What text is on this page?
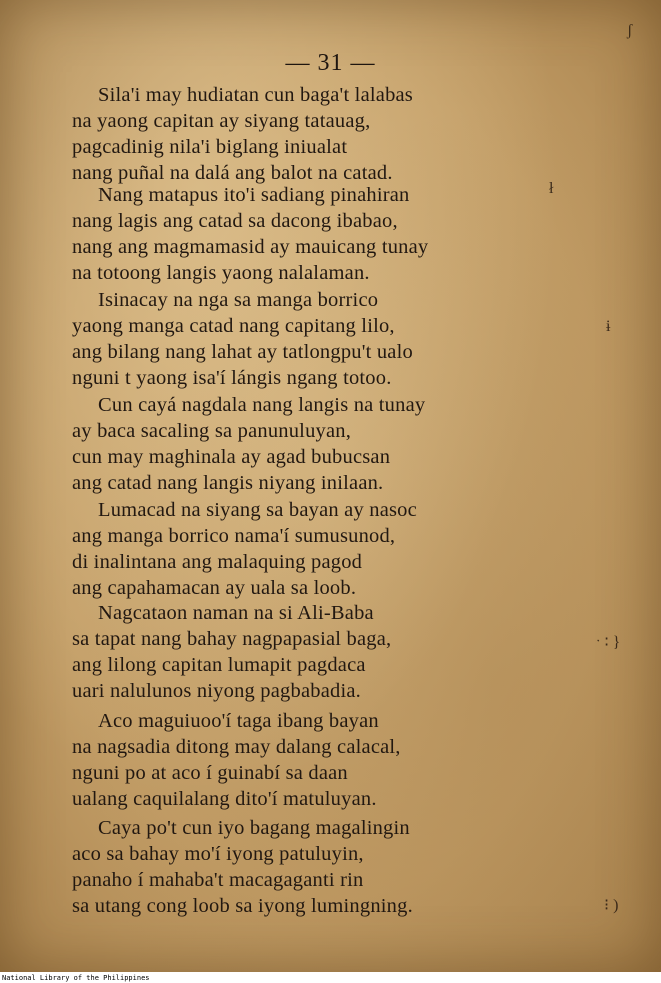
— 31 —
Sila'i may hudiatan cun baga't lalabas
na yaong capitan ay siyang tatauag,
pagcadinig nila'i biglang iniualat
nang puñal na dalá ang balot na catad.
Nang matapus ito'i sadiang pinahiran
nang lagis ang catad sa dacong ibabao,
nang ang magmamasid ay mauicang tunay
na totoong langis yaong nalalaman.
Isinacay na nga sa manga borrico
yaong manga catad nang capitang lilo,
ang bilang nang lahat ay tatlongpu't ualo
nguni t yaong isa'í lángis ngang totoo.
Cun cayá nagdala nang langis na tunay
ay baca sacaling sa panunuluyan,
cun may maghinala ay agad bubucsan
ang catad nang langis niyang inilaan.
Lumacad na siyang sa bayan ay nasoc
ang manga borrico nama'í sumusunod,
di inalintana ang malaquing pagod
ang capahamacan ay uala sa loob.
Nagcataon naman na si Ali-Baba
sa tapat nang bahay nagpapasial baga,
ang lilong capitan lumapit pagdaca
uari nalulunos niyong pagbabadia.
Aco maguiuoo'í taga ibang bayan
na nagsadia ditong may dalang calacal,
nguni po at aco í guinabí sa daan
ualang caquilalang dito'í matuluyan.
Caya po't cun iyo bagang magalingin
aco sa bahay mo'í iyong patuluyin,
panaho í mahaba't macagaganti rin
sa utang cong loob sa iyong lumingning.
ʃ
ł
ɨ
ˑ ∶ }
⁝ )
National Library of the Philippines
